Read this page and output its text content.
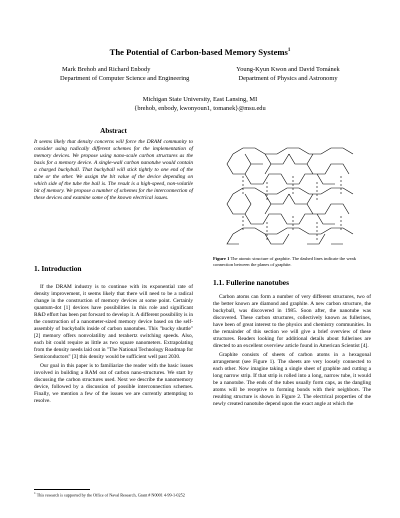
The Potential of Carbon-based Memory Systems$^1$
Mark Brehob and Richard Enbody
Department of Computer Science and Engineering
Young-Kyun Kwon and David Tománek
Department of Physics and Astronomy
Michigan State University, East Lansing, MI
{brehob, enbody, kwonyoun1, tomanek}@msu.edu
Abstract
It seems likely that density concerns will force the DRAM community to consider using radically different schemes for the implementation of memory devices. We propose using nano-scale carbon structures as the basis for a memory device. A single-wall carbon nanotube would contain a charged buckyball. That buckyball will stick tightly to one end of the tube or the other. We assign the bit value of the device depending on which side of the tube the ball is. The result is a high-speed, non-volatile bit of memory. We propose a number of schemes for the interconnection of these devices and examine some of the known electrical issues.
1. Introduction

If the DRAM industry is to continue with its exponential rate of density improvement, it seems likely that there will need to be a radical change in the construction of memory devices at some point. Certainly quantum-dot [1] devices have possibilities in this role and significant R&D effort has been put forward to develop it. A different possibility is in the construction of a nanometer-sized memory device based on the self-assembly of buckyballs inside of carbon nanotubes. This "bucky shuttle" [2] memory offers nonvolatility and terahertz switching speeds. Also, each bit could require as little as two square nanometers. Extrapolating from the density needs laid out in "The National Technology Roadmap for Semiconductors" [3] this density would be sufficient well past 2030.

Our goal in this paper is to familiarize the reader with the basic issues involved in building a RAM out of carbon nano-structures. We start by discussing the carbon structures used. Next we describe the nanomemory device, followed by a discussion of possible interconnection schemes. Finally, we mention a few of the issues we are currently attempting to resolve.

Figure 1 The atomic structure of graphite. The dashed lines indicate the weak connection between the planes of graphite.
1.1. Fullerine nanotubes

Carbon atoms can form a number of very different structures, two of the better known are diamond and graphite. A new carbon structure, the buckyball, was discovered in 1985. Soon after, the nanotube was discovered. These carbon structures, collectively known as fullerines, have been of great interest to the physics and chemistry communities. In the remainder of this section we will give a brief overview of these structures. Readers looking for additional details about fullerines are directed to an excellent overview article found in American Scientist [4].

Graphite consists of sheets of carbon atoms in a hexagonal arrangement (see Figure 1). The sheets are very loosely connected to each other. Now imagine taking a single sheet of graphite and cutting a long narrow strip. If that strip is rolled into a long, narrow tube, it would be a nanotube. The ends of the tubes usually form caps, as the dangling atoms will be receptive to forming bonds with their neighbors. The resulting structure is shown in Figure 2. The electrical properties of the newly created nanotube depend upon the exact angle at which the

$^1$ This research is supported by the Office of Naval Research, Grant # N0001 4-99-1-0252
